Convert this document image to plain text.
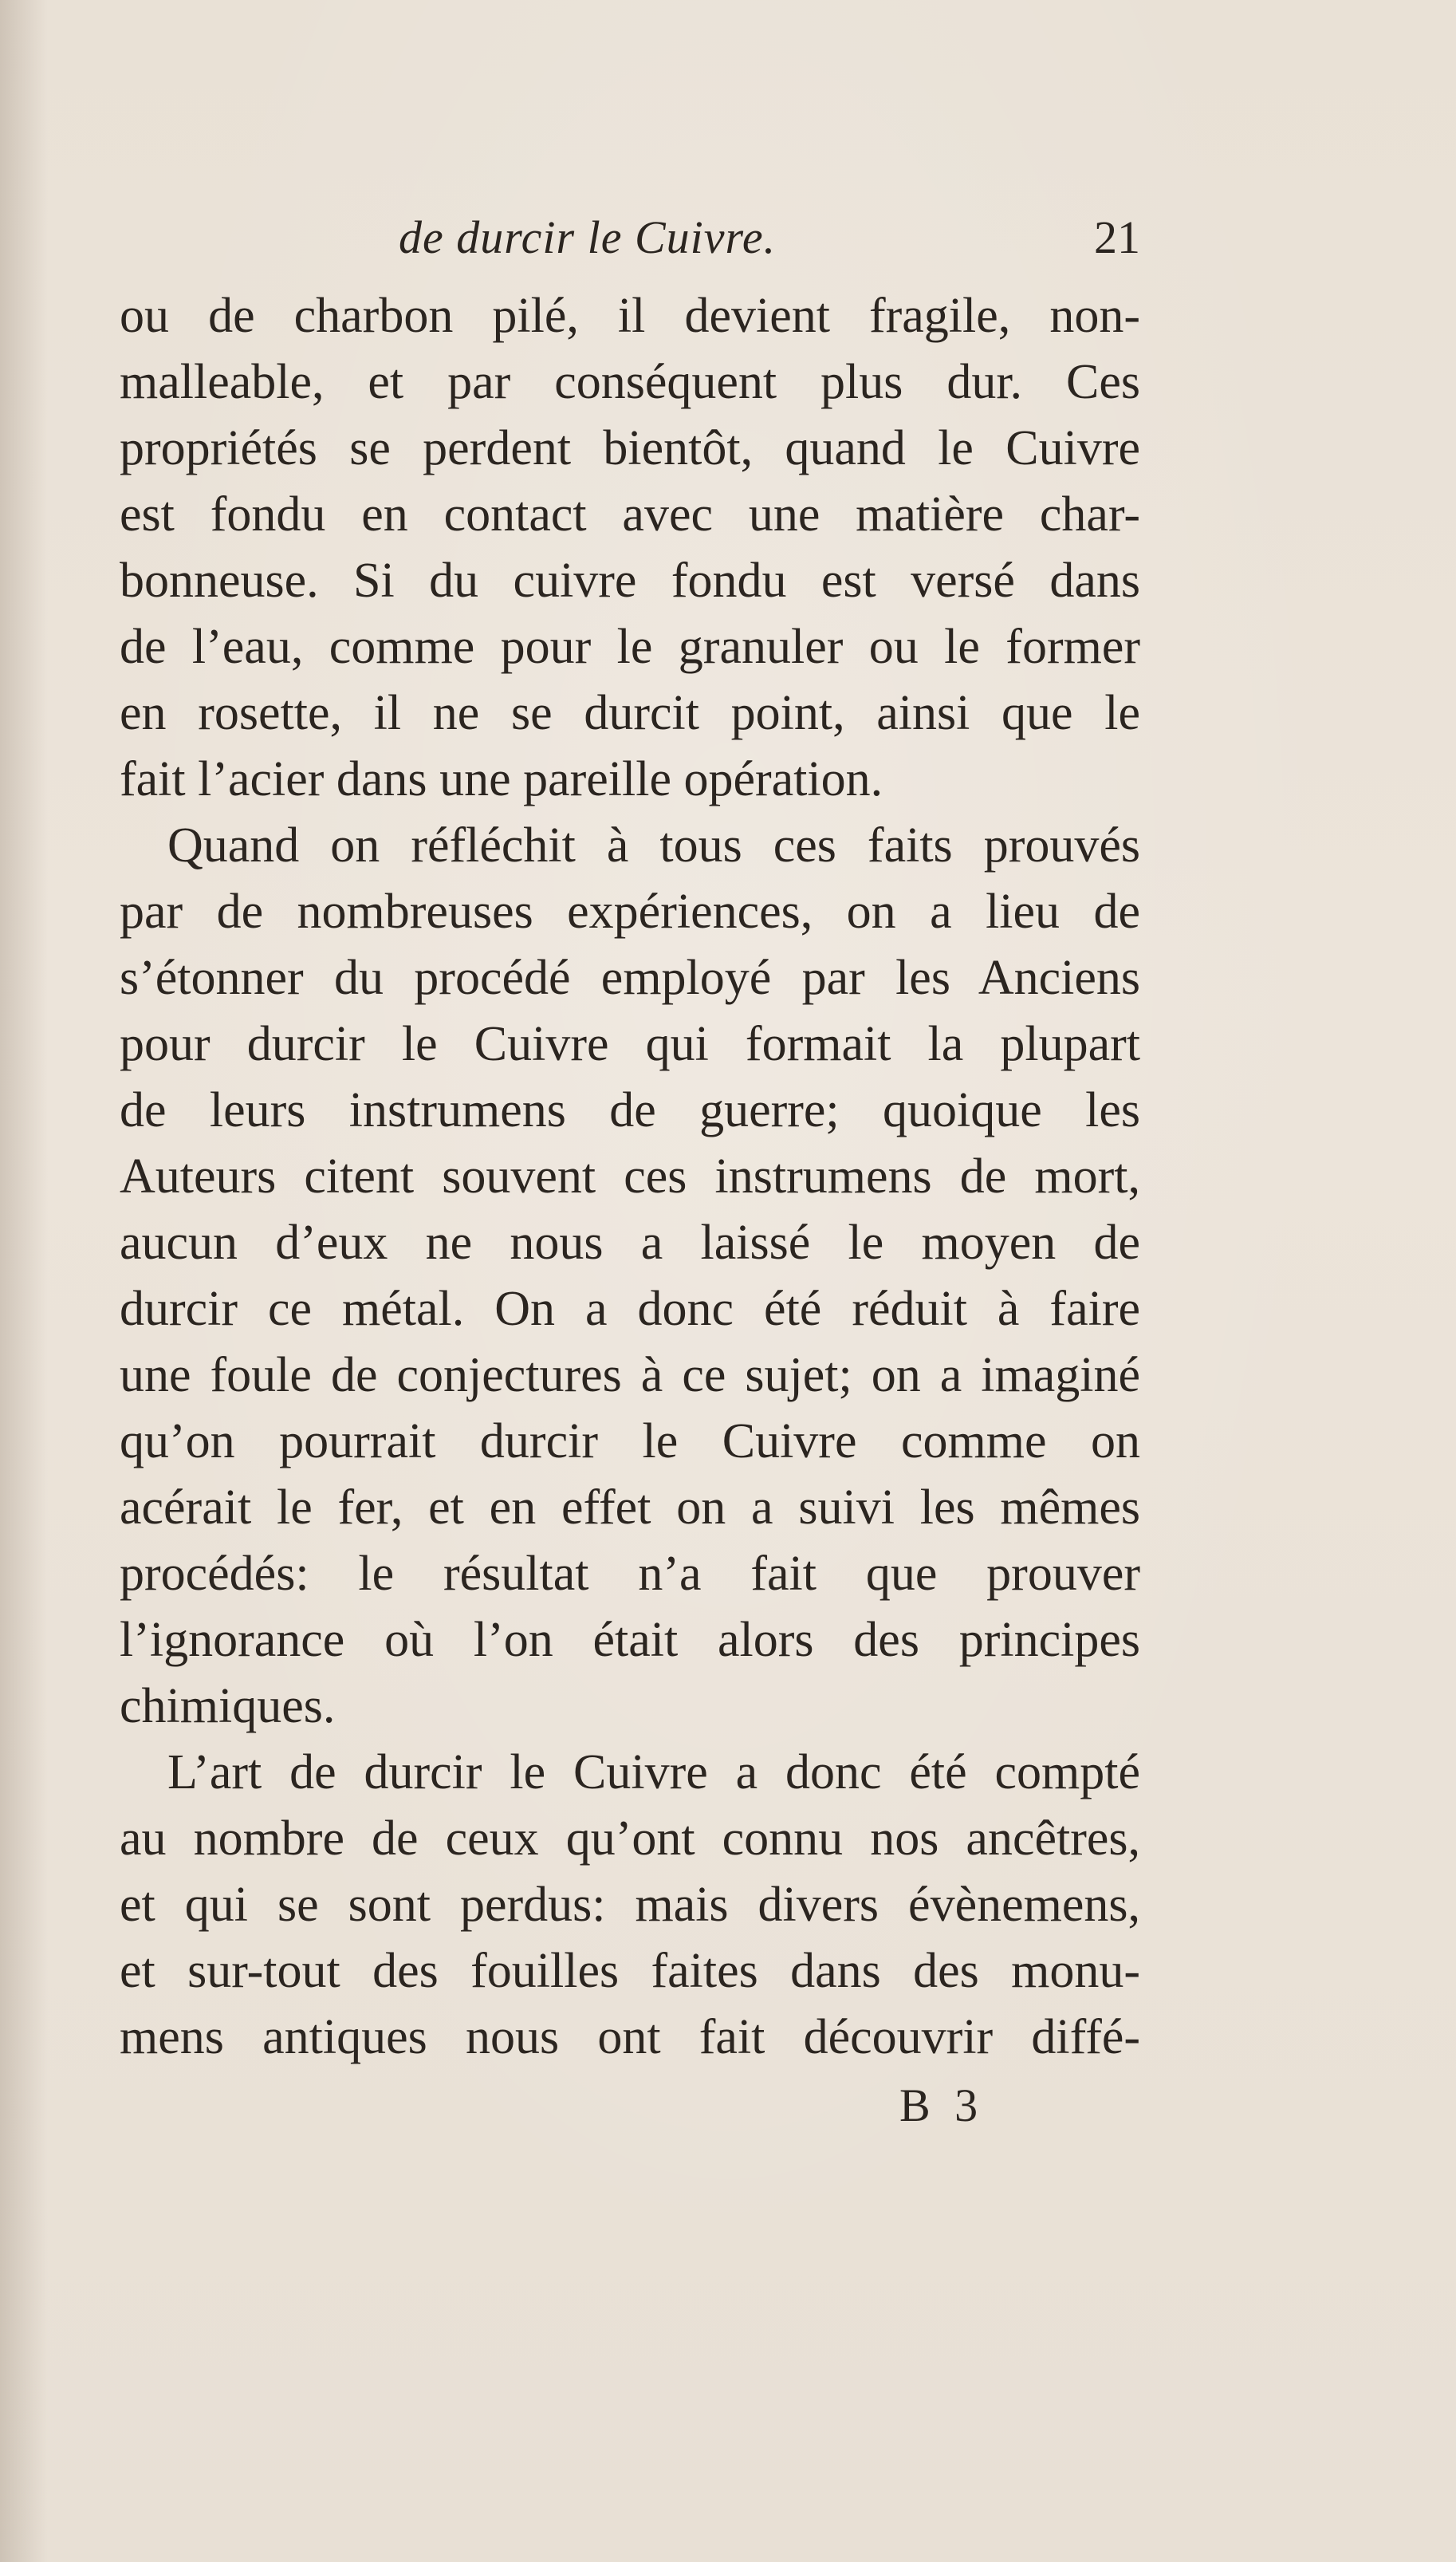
de durcir le Cuivre.	21
ou de charbon pilé, il devient fragile, non-
malleable, et par conséquent plus dur. Ces
propriétés se perdent bientôt, quand le Cuivre
est fondu en contact avec une matière char-
bonneuse. Si du cuivre fondu est versé dans
de l’eau, comme pour le granuler ou le former
en rosette, il ne se durcit point, ainsi que le
fait l’acier dans une pareille opération.
Quand on réfléchit à tous ces faits prouvés
par de nombreuses expériences, on a lieu de
s’étonner du procédé employé par les Anciens
pour durcir le Cuivre qui formait la plupart
de leurs instrumens de guerre; quoique les
Auteurs citent souvent ces instrumens de mort,
aucun d’eux ne nous a laissé le moyen de
durcir ce métal. On a donc été réduit à faire
une foule de conjectures à ce sujet; on a imaginé
qu’on pourrait durcir le Cuivre comme on
acérait le fer, et en effet on a suivi les mêmes
procédés: le résultat n’a fait que prouver
l’ignorance où l’on était alors des principes
chimiques.
L’art de durcir le Cuivre a donc été compté
au nombre de ceux qu’ont connu nos ancêtres,
et qui se sont perdus: mais divers évènemens,
et sur-tout des fouilles faites dans des monu-
mens antiques nous ont fait découvrir diffé-
B 3
